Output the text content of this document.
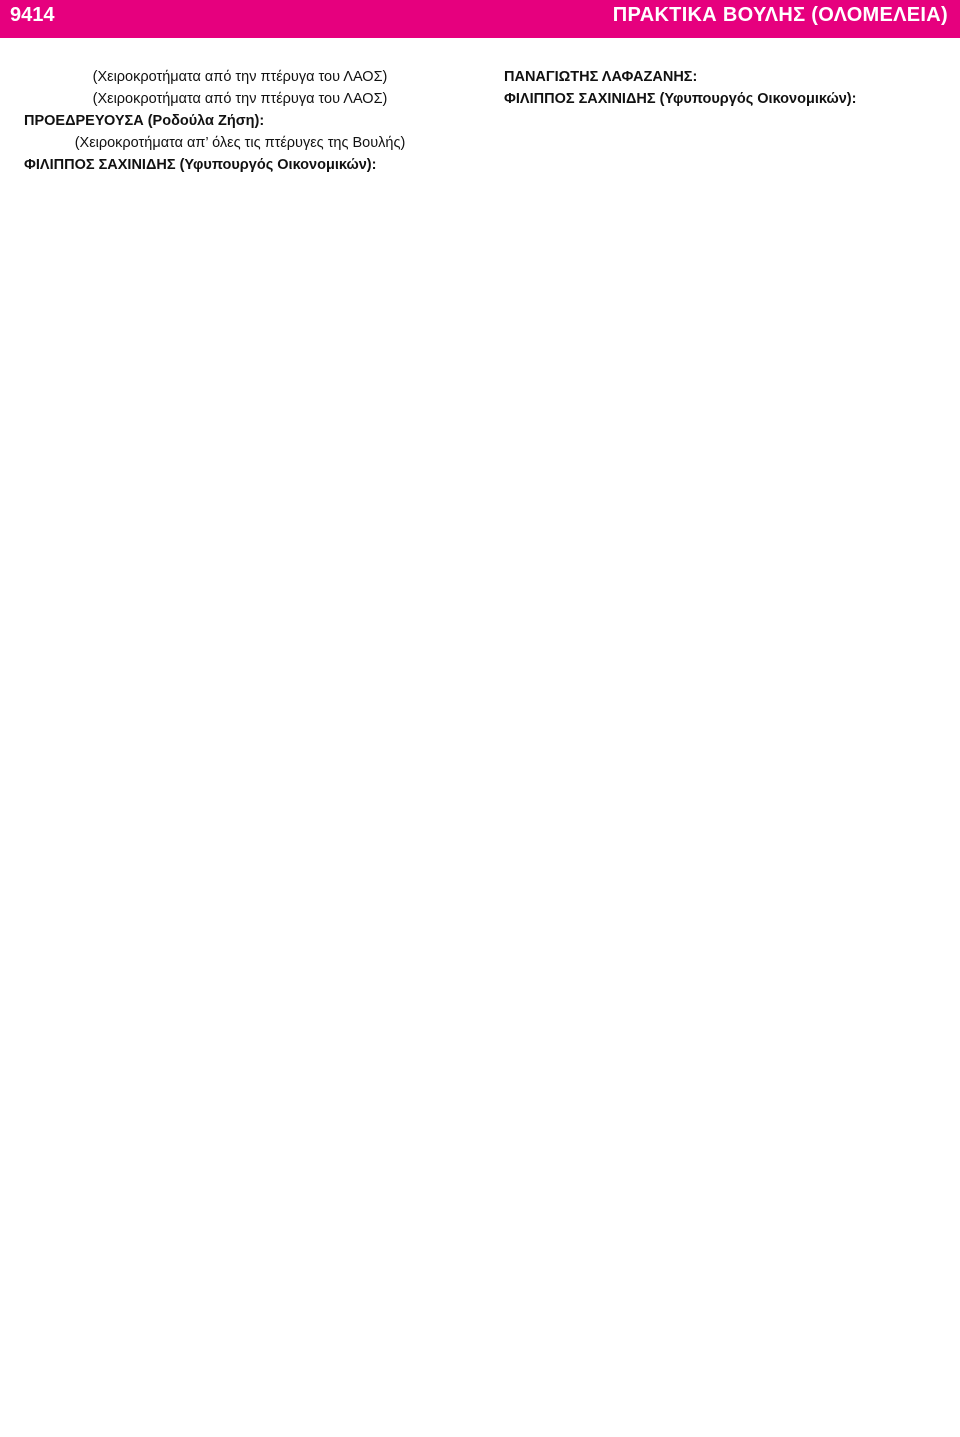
9414	ΠΡΑΚΤΙΚΑ ΒΟΥΛΗΣ (ΟΛΟΜΕΛΕΙΑ)

(Χειροκροτήματα από την πτέρυγα του ΛΑΟΣ)

(Χειροκροτήματα από την πτέρυγα του ΛΑΟΣ)

ΠΡΟΕΔΡΕΥΟΥΣΑ (Ροδούλα Ζήση):

(Χειροκροτήματα απ’ όλες τις πτέρυγες της Βουλής)

ΦΙΛΙΠΠΟΣ ΣΑΧΙΝΙΔΗΣ (Υφυπουργός Οικονομικών):

ΠΑΝΑΓΙΩΤΗΣ ΛΑΦΑΖΑΝΗΣ:

ΦΙΛΙΠΠΟΣ ΣΑΧΙΝΙΔΗΣ (Υφυπουργός Οικονομικών):
